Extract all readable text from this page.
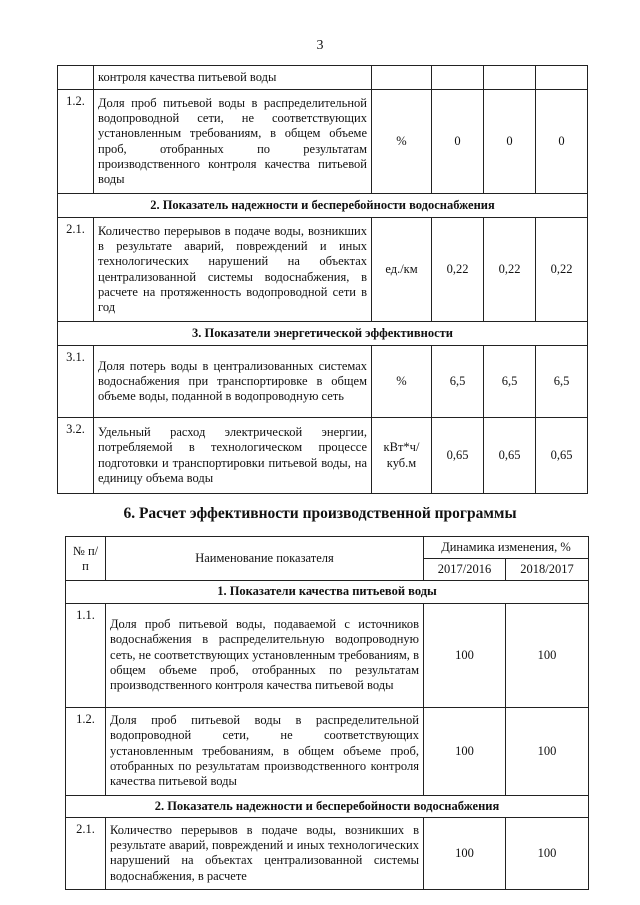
3
	контроля качества питьевой воды				
1.2.	Доля проб питьевой воды в распределительной водопроводной сети, не соответствующих установленным требованиям, в общем объеме проб, отобранных по результатам производственного контроля качества питьевой воды	%	0	0	0
2. Показатель надежности и бесперебойности водоснабжения					
2.1.	Количество перерывов в подаче воды, возникших в результате аварий, повреждений и иных технологических нарушений на объектах централизованной системы водоснабжения, в расчете на протяженность водопроводной сети в год	ед./км	0,22	0,22	0,22
3. Показатели энергетической эффективности					
3.1.	Доля потерь воды в централизованных системах водоснабжения при транспортировке в общем объеме воды, поданной в водопроводную сеть	%	6,5	6,5	6,5
3.2.	Удельный расход электрической энергии, потребляемой в технологическом процессе подготовки и транспортировки питьевой воды, на единицу объема воды	кВт*ч/куб.м	0,65	0,65	0,65
6. Расчет эффективности производственной программы
№ п/п	Наименование показателя	Динамика изменения, %	
		2017/2016	2018/2017
1. Показатели качества питьевой воды			
1.1.	Доля проб питьевой воды, подаваемой с источников водоснабжения в распределительную водопроводную сеть, не соответствующих установленным требованиям, в общем объеме проб, отобранных по результатам производственного контроля качества питьевой воды	100	100
1.2.	Доля проб питьевой воды в распределительной водопроводной сети, не соответствующих установленным требованиям, в общем объеме проб, отобранных по результатам производственного контроля качества питьевой воды	100	100
2. Показатель надежности и бесперебойности водоснабжения			
2.1.	Количество перерывов в подаче воды, возникших в результате аварий, повреждений и иных технологических нарушений на объектах централизованной системы водоснабжения, в расчете	100	100
